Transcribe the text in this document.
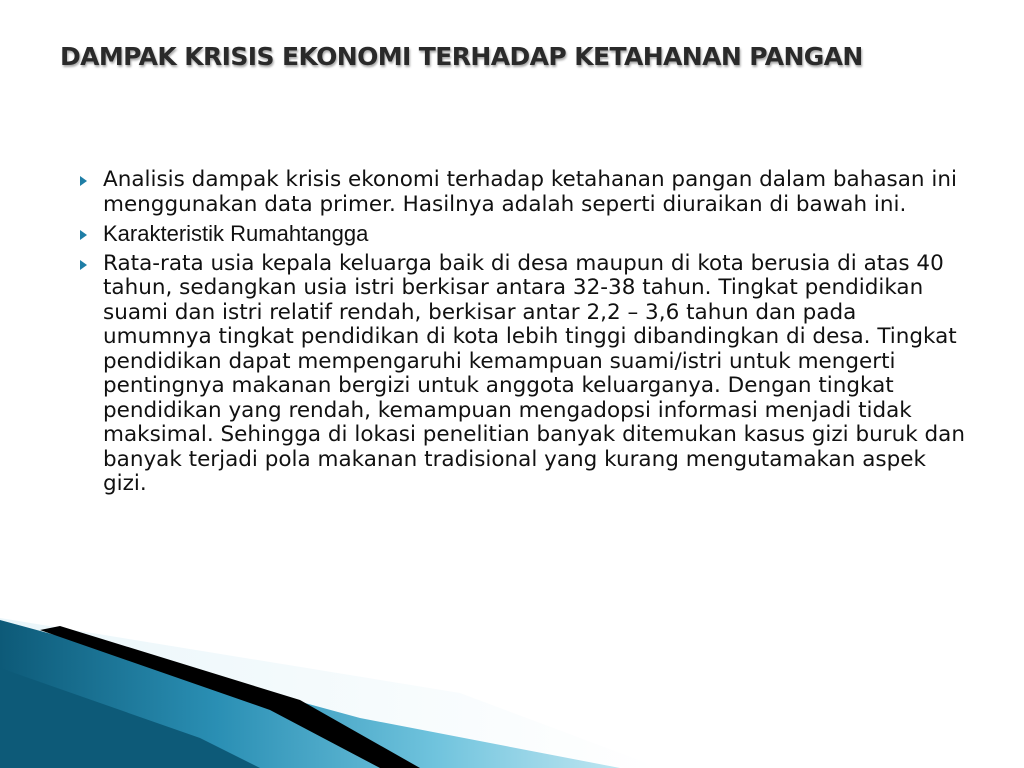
DAMPAK KRISIS EKONOMI TERHADAP KETAHANAN PANGAN
Analisis dampak krisis ekonomi terhadap ketahanan pangan dalam bahasan ini menggunakan data primer. Hasilnya adalah seperti diuraikan di bawah ini.
Karakteristik Rumahtangga
Rata-rata usia kepala keluarga baik di desa maupun di kota berusia di atas 40 tahun, sedangkan usia istri berkisar antara 32-38 tahun. Tingkat pendidikan suami dan istri relatif rendah, berkisar antar 2,2 – 3,6 tahun dan pada umumnya tingkat pendidikan di kota lebih tinggi dibandingkan di desa. Tingkat pendidikan dapat mempengaruhi kemampuan suami/istri untuk mengerti pentingnya makanan bergizi untuk anggota keluarganya. Dengan tingkat pendidikan yang rendah, kemampuan mengadopsi informasi menjadi tidak maksimal. Sehingga di lokasi penelitian banyak ditemukan kasus gizi buruk dan banyak terjadi pola makanan tradisional yang kurang mengutamakan aspek gizi.
